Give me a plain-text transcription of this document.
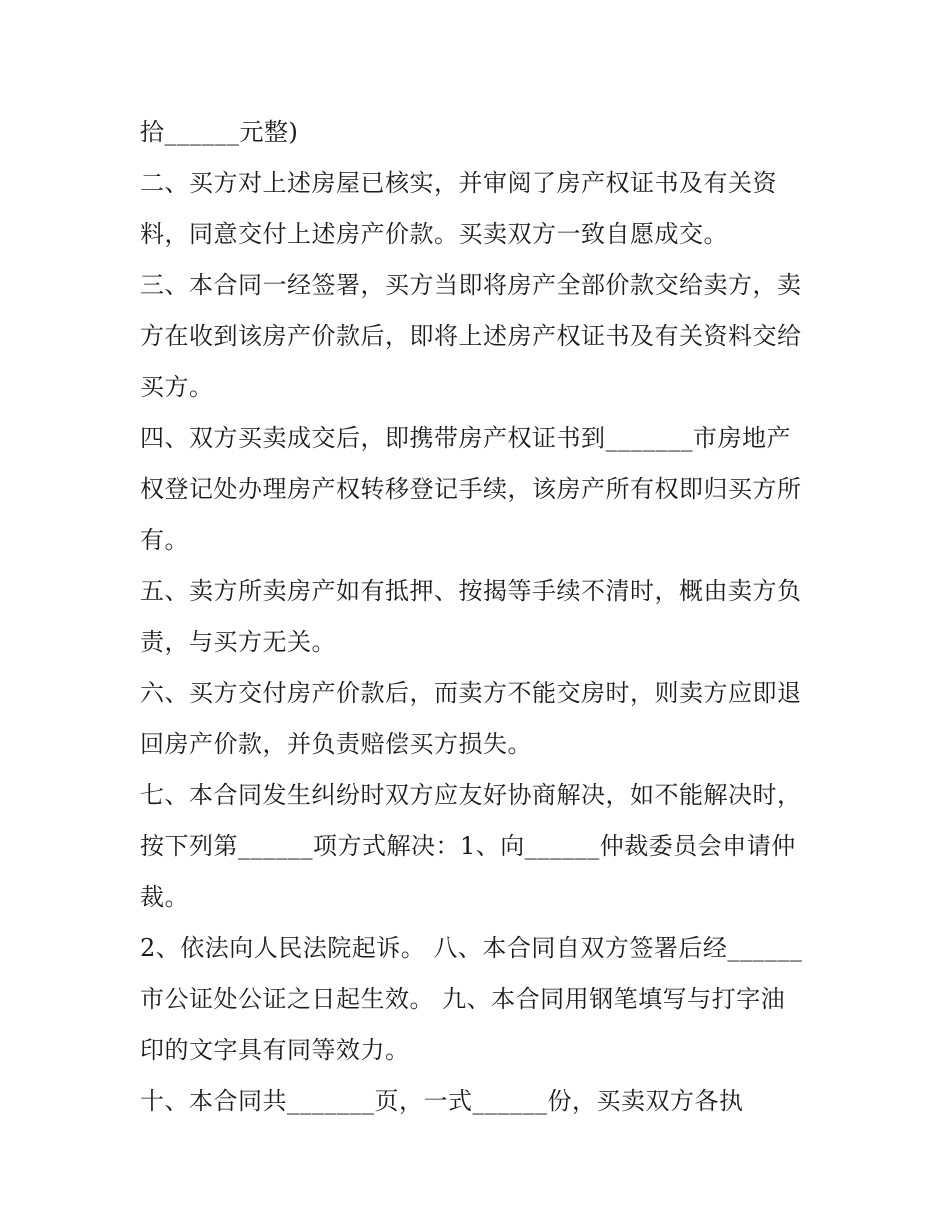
拾______元整)
二、买方对上述房屋已核实，并审阅了房产权证书及有关资
料，同意交付上述房产价款。买卖双方一致自愿成交。
三、本合同一经签署，买方当即将房产全部价款交给卖方，卖
方在收到该房产价款后，即将上述房产权证书及有关资料交给
买方。
四、双方买卖成交后，即携带房产权证书到_______市房地产
权登记处办理房产权转移登记手续，该房产所有权即归买方所
有。
五、卖方所卖房产如有抵押、按揭等手续不清时，概由卖方负
责，与买方无关。
六、买方交付房产价款后，而卖方不能交房时，则卖方应即退
回房产价款，并负责赔偿买方损失。
七、本合同发生纠纷时双方应友好协商解决，如不能解决时，
按下列第______项方式解决：1、向______仲裁委员会申请仲
裁。
2、依法向人民法院起诉。 八、本合同自双方签署后经______
市公证处公证之日起生效。 九、本合同用钢笔填写与打字油
印的文字具有同等效力。
十、本合同共_______页，一式______份，买卖双方各执
